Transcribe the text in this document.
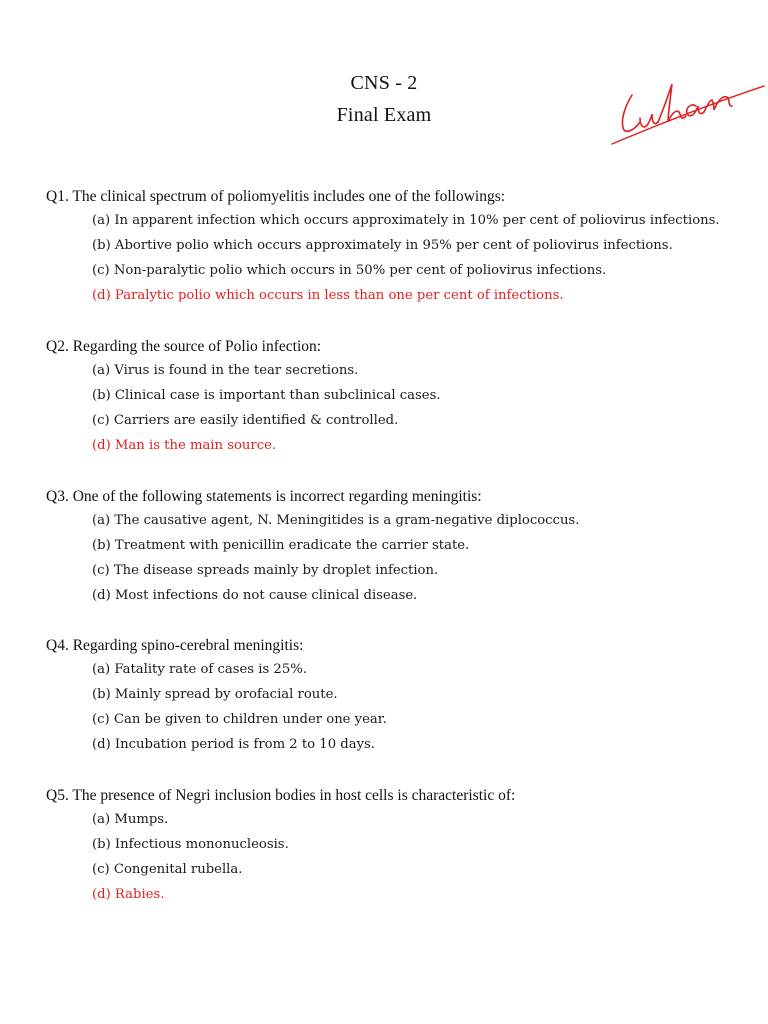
CNS - 2
Final Exam
Q1. The clinical spectrum of poliomyelitis includes one of the followings:
(a) In apparent infection which occurs approximately in 10% per cent of poliovirus infections.
(b) Abortive polio which occurs approximately in 95% per cent of poliovirus infections.
(c) Non-paralytic polio which occurs in 50% per cent of poliovirus infections.
(d) Paralytic polio which occurs in less than one per cent of infections.
Q2. Regarding the source of Polio infection:
(a) Virus is found in the tear secretions.
(b) Clinical case is important than subclinical cases.
(c) Carriers are easily identified & controlled.
(d) Man is the main source.
Q3. One of the following statements is incorrect regarding meningitis:
(a) The causative agent, N. Meningitides is a gram-negative diplococcus.
(b) Treatment with penicillin eradicate the carrier state.
(c) The disease spreads mainly by droplet infection.
(d) Most infections do not cause clinical disease.
Q4. Regarding spino-cerebral meningitis:
(a) Fatality rate of cases is 25%.
(b) Mainly spread by orofacial route.
(c) Can be given to children under one year.
(d) Incubation period is from 2 to 10 days.
Q5. The presence of Negri inclusion bodies in host cells is characteristic of:
(a) Mumps.
(b) Infectious mononucleosis.
(c) Congenital rubella.
(d) Rabies.
